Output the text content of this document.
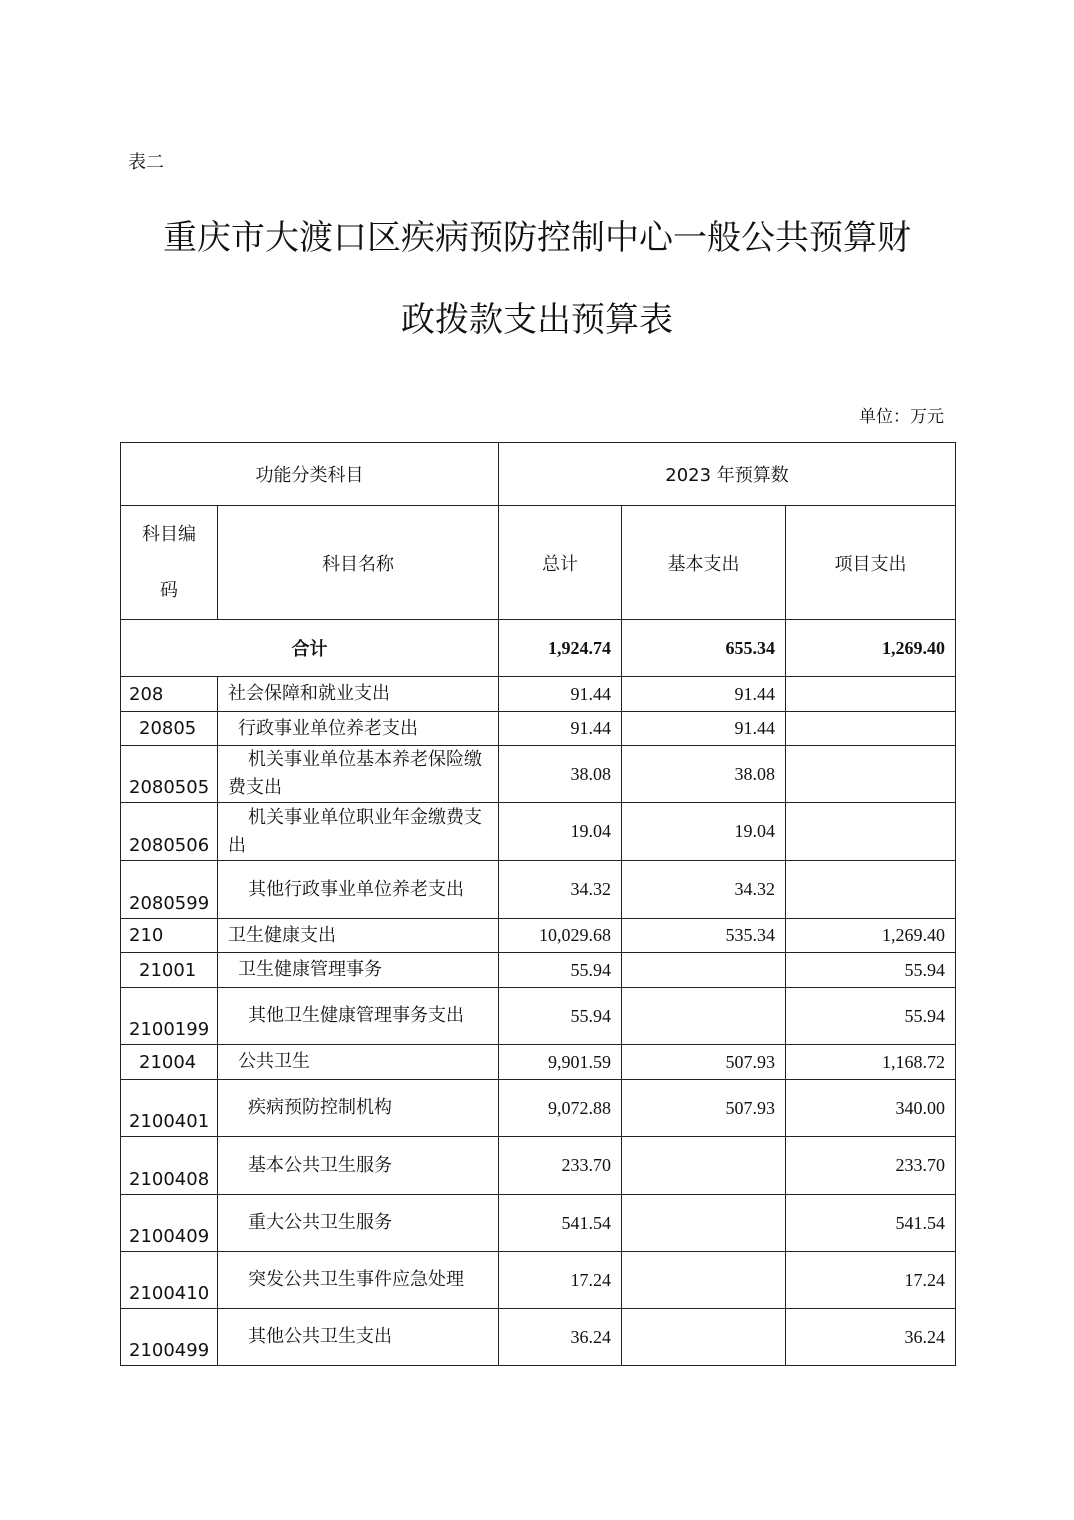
表二
重庆市大渡口区疾病预防控制中心一般公共预算财
政拨款支出预算表
单位：万元
功能分类科目		2023 年预算数		

科目编
码	科目名称	总计	基本支出	项目支出
合计		1,924.74	655.34	1,269.40
208	社会保障和就业支出	91.44	91.44	
20805	行政事业单位养老支出	91.44	91.44	
2080505	机关事业单位基本养老保险缴费支出	38.08	38.08	
2080506	机关事业单位职业年金缴费支出	19.04	19.04	
2080599	其他行政事业单位养老支出	34.32	34.32	
210	卫生健康支出	10,029.68	535.34	1,269.40
21001	卫生健康管理事务	55.94		55.94
2100199	其他卫生健康管理事务支出	55.94		55.94
21004	公共卫生	9,901.59	507.93	1,168.72
2100401	疾病预防控制机构	9,072.88	507.93	340.00
2100408	基本公共卫生服务	233.70		233.70
2100409	重大公共卫生服务	541.54		541.54
2100410	突发公共卫生事件应急处理	17.24		17.24
2100499	其他公共卫生支出	36.24		36.24
